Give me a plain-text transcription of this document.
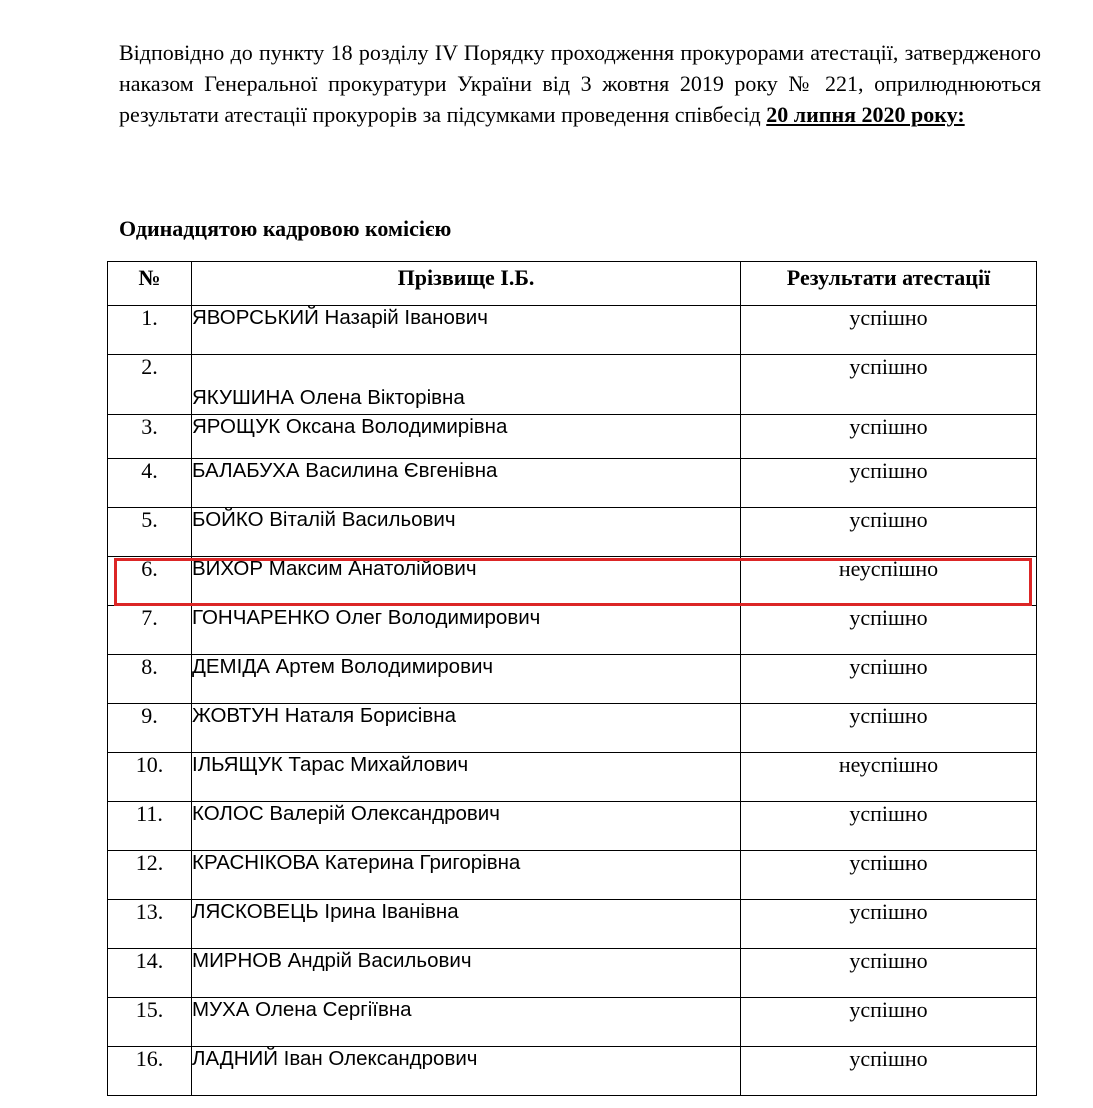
Відповідно до пункту 18 розділу IV Порядку проходження прокурорами атестації, затвердженого наказом Генеральної прокуратури України від 3 жовтня 2019 року № 221, оприлюднюються результати атестації прокурорів за підсумками проведення співбесід 20 липня 2020 року:

Одинадцятою кадровою комісією
№	Прізвище І.Б.	Результати атестації
1.	ЯВОРСЬКИЙ Назарій Іванович	успішно
2.	ЯКУШИНА Олена Вікторівна	успішно
3.	ЯРОЩУК Оксана Володимирівна	успішно
4.	БАЛАБУХА Василина Євгенівна	успішно
5.	БОЙКО Віталій Васильович	успішно
6.	ВИХОР Максим Анатолійович	неуспішно
7.	ГОНЧАРЕНКО Олег Володимирович	успішно
8.	ДЕМІДА Артем Володимирович	успішно
9.	ЖОВТУН Наталя Борисівна	успішно
10.	ІЛЬЯЩУК Тарас Михайлович	неуспішно
11.	КОЛОС Валерій Олександрович	успішно
12.	КРАСНІКОВА Катерина Григорівна	успішно
13.	ЛЯСКОВЕЦЬ Ірина Іванівна	успішно
14.	МИРНОВ Андрій Васильович	успішно
15.	МУХА Олена Сергіївна	успішно
16.	ЛАДНИЙ Іван Олександрович	успішно
